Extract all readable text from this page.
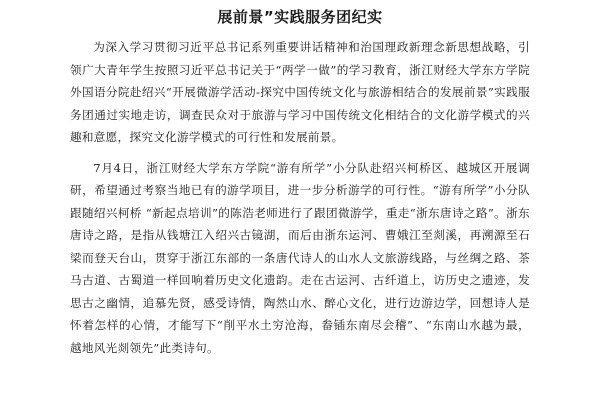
展前景”实践服务团纪实

为深入学习贯彻习近平总书记系列重要讲话精神和治国理政新理念新思想战略，引领广大青年学生按照习近平总书记关于“两学一做”的学习教育，浙江财经大学东方学院外国语分院赴绍兴“开展微游学活动-探究中国传统文化与旅游相结合的发展前景”实践服务团通过实地走访，调查民众对于旅游与学习中国传统文化相结合的文化游学模式的兴趣和意愿，探究文化游学模式的可行性和发展前景。

7月4日，浙江财经大学东方学院“游有所学”小分队赴绍兴柯桥区、越城区开展调研，希望通过考察当地已有的游学项目，进一步分析游学的可行性。“游有所学”小分队跟随绍兴柯桥 “新起点培训”的陈浩老师进行了跟团微游学，重走“浙东唐诗之路”。浙东唐诗之路，是指从钱塘江入绍兴古镜湖，而后由浙东运河、曹娥江至剡溪，再溯源至石梁而登天台山，贯穿于浙江东部的一条唐代诗人的山水人文旅游线路，与丝绸之路、茶马古道、古蜀道一样回响着历史文化遗韵。走在古运河、古纤道上，访历史之遗迹，发思古之幽情，追慕先贤，感受诗情，陶然山水、醉心文化，进行边游边学，回想诗人是怀着怎样的心情，才能写下“削平水土穷沧海，畚锸东南尽会稽”、“东南山水越为最， 越地风光剡领先”此类诗句。
